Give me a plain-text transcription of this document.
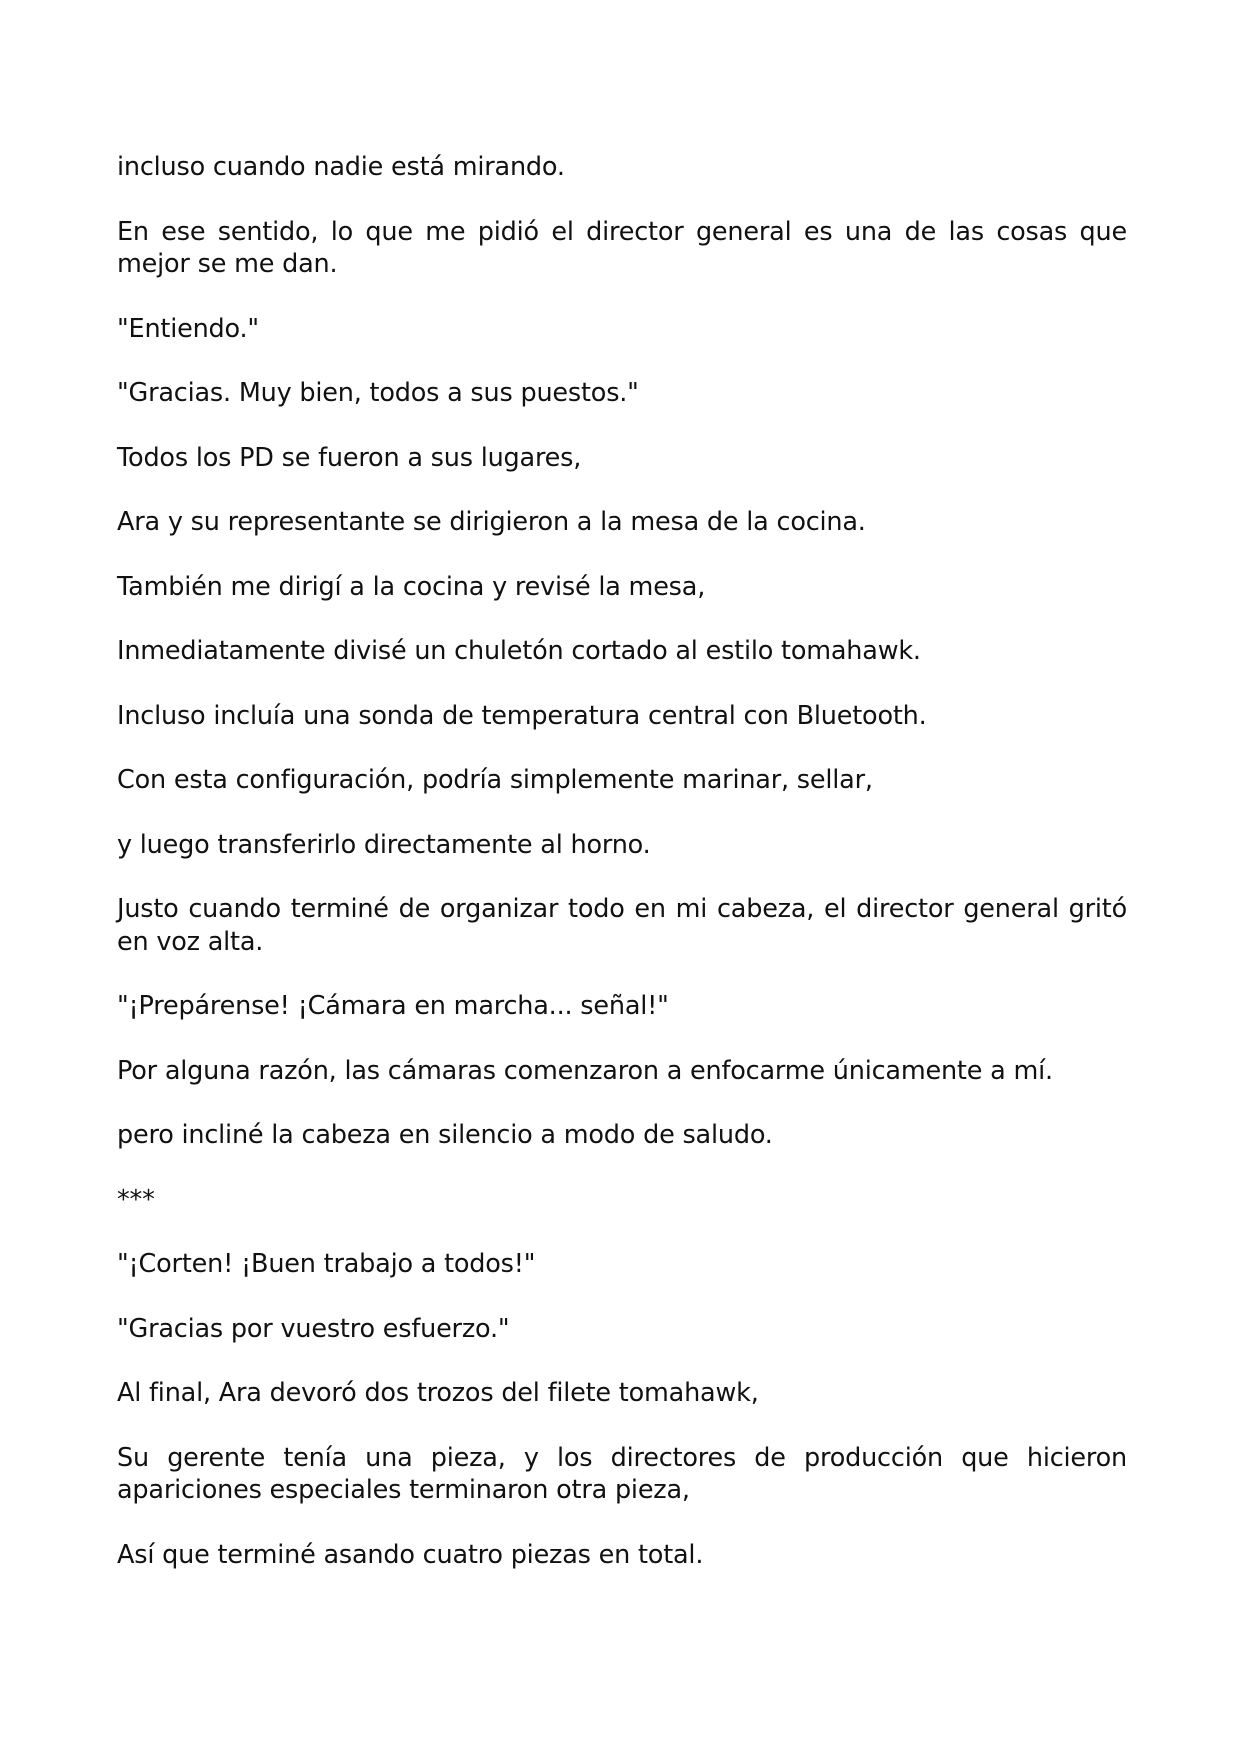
incluso cuando nadie está mirando.

En ese sentido, lo que me pidió el director general es una de las cosas que mejor se me dan.

"Entiendo."

"Gracias. Muy bien, todos a sus puestos."

Todos los PD se fueron a sus lugares,

Ara y su representante se dirigieron a la mesa de la cocina.

También me dirigí a la cocina y revisé la mesa,

Inmediatamente divisé un chuletón cortado al estilo tomahawk.

Incluso incluía una sonda de temperatura central con Bluetooth.

Con esta configuración, podría simplemente marinar, sellar,

y luego transferirlo directamente al horno.

Justo cuando terminé de organizar todo en mi cabeza, el director general gritó en voz alta.

"¡Prepárense! ¡Cámara en marcha... señal!"

Por alguna razón, las cámaras comenzaron a enfocarme únicamente a mí.

pero incliné la cabeza en silencio a modo de saludo.

***

"¡Corten! ¡Buen trabajo a todos!"

"Gracias por vuestro esfuerzo."

Al final, Ara devoró dos trozos del filete tomahawk,

Su gerente tenía una pieza, y los directores de producción que hicieron apariciones especiales terminaron otra pieza,

Así que terminé asando cuatro piezas en total.
